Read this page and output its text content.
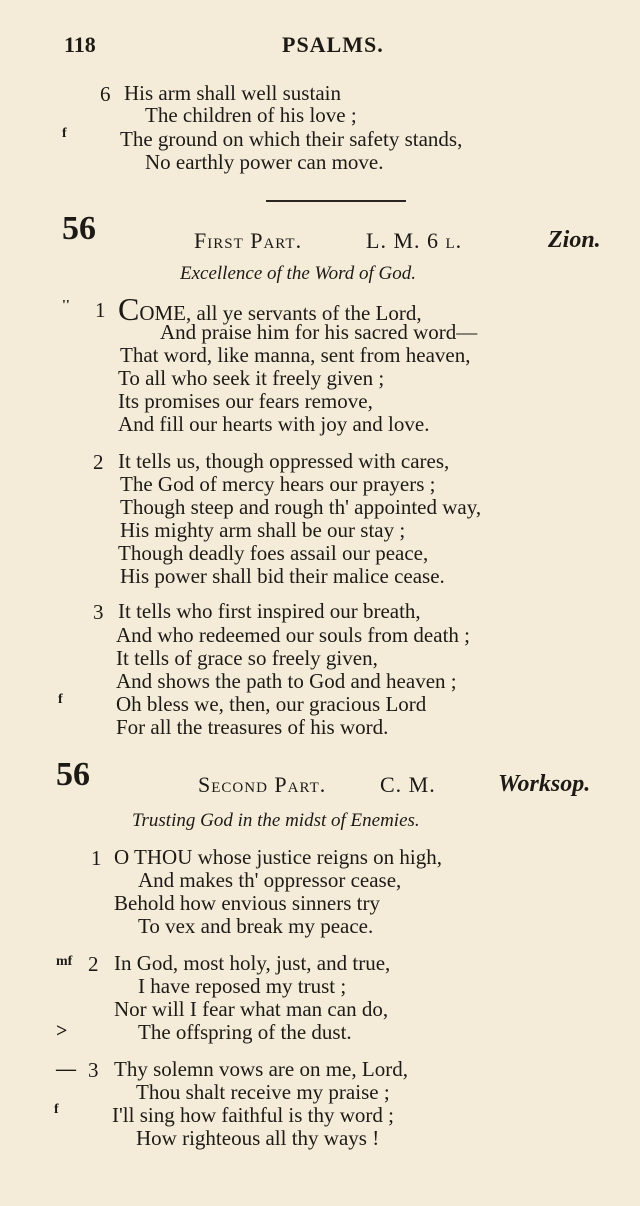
118	PSALMS.
6 His arm shall well sustain
The children of his love ;
f	The ground on which their safety stands,
No earthly power can move.
56	First Part.	L. M. 6 l.	Zion.
Excellence of the Word of God.
'' 1 COME, all ye servants of the Lord,
And praise him for his sacred word—
That word, like manna, sent from heaven,
To all who seek it freely given ;
Its promises our fears remove,
And fill our hearts with joy and love.
2 It tells us, though oppressed with cares,
The God of mercy hears our prayers ;
Though steep and rough th' appointed way,
His mighty arm shall be our stay ;
Though deadly foes assail our peace,
His power shall bid their malice cease.
3 It tells who first inspired our breath,
And who redeemed our souls from death ;
It tells of grace so freely given,
And shows the path to God and heaven ;
f	Oh bless we, then, our gracious Lord
For all the treasures of his word.
56	Second Part. C. M.	Worksop.
Trusting God in the midst of Enemies.
1 O THOU whose justice reigns on high,
And makes th' oppressor cease,
Behold how envious sinners try
To vex and break my peace.
mf 2 In God, most holy, just, and true,
I have reposed my trust ;
Nor will I fear what man can do,
>	The offspring of the dust.
— 3 Thy solemn vows are on me, Lord,
Thou shalt receive my praise ;
f	I'll sing how faithful is thy word ;
How righteous all thy ways !
